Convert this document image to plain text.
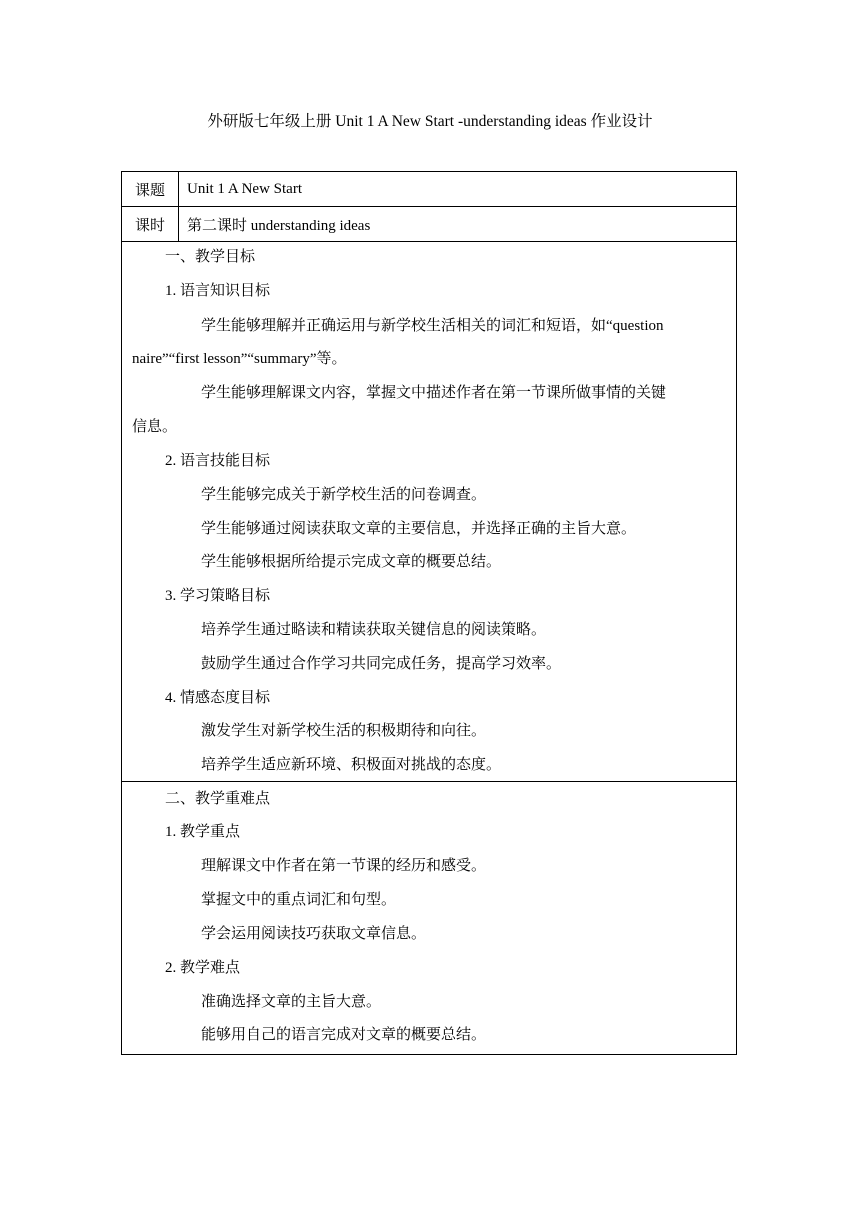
外研版七年级上册 Unit 1 A New Start -understanding ideas 作业设计
课题	Unit 1 A New Start
课时	第二课时 understanding ideas
一、教学目标
1. 语言知识目标
学生能够理解并正确运用与新学校生活相关的词汇和短语，如“question
naire”“first lesson”“summary”等。
学生能够理解课文内容，掌握文中描述作者在第一节课所做事情的关键
信息。
2. 语言技能目标
学生能够完成关于新学校生活的问卷调查。
学生能够通过阅读获取文章的主要信息，并选择正确的主旨大意。
学生能够根据所给提示完成文章的概要总结。
3. 学习策略目标
培养学生通过略读和精读获取关键信息的阅读策略。
鼓励学生通过合作学习共同完成任务，提高学习效率。
4. 情感态度目标
激发学生对新学校生活的积极期待和向往。
培养学生适应新环境、积极面对挑战的态度。
二、教学重难点
1. 教学重点
理解课文中作者在第一节课的经历和感受。
掌握文中的重点词汇和句型。
学会运用阅读技巧获取文章信息。
2. 教学难点
准确选择文章的主旨大意。
能够用自己的语言完成对文章的概要总结。
